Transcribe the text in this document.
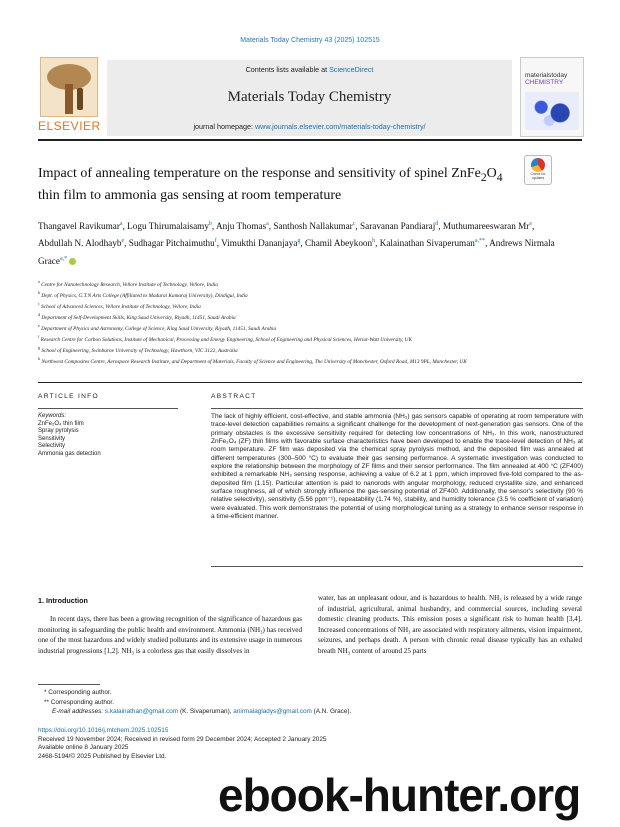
Materials Today Chemistry 43 (2025) 102515
ELSEVIER
Contents lists available at ScienceDirect
Materials Today Chemistry
journal homepage: www.journals.elsevier.com/materials-today-chemistry/
materialstoday
CHEMISTRY
Impact of annealing temperature on the response and sensitivity of spinel $ZnFe_2O_4$ thin film to ammonia gas sensing at room temperature
Check for
updates
Thangavel Ravikumar$^a$, Logu Thirumalaisamy$^b$, Anju Thomas$^a$, Santhosh Nallakumar$^c$, Saravanan Pandiaraj$^d$, Muthumareeswaran Mr$^e$, Abdullah N. Alodhayb$^e$, Sudhagar Pitchaimuthu$^f$, Vimukthi Dananjaya$^g$, Chamil Abeykoon$^h$, Kalainathan Sivaperuman$^{a,**}$, Andrews Nirmala Grace$^{a,*}$
$^a$ Centre for Nanotechnology Research, Vellore Institute of Technology, Vellore, India
$^b$ Dept. of Physics, G.T.N Arts College (Affiliated to Madurai Kamaraj University), Dindigul, India
$^c$ School of Advanced Sciences, Vellore Institute of Technology, Vellore, India
$^d$ Department of Self-Development Skills, King Saud University, Riyadh, 11451, Saudi Arabia
$^e$ Department of Physics and Astronomy, College of Science, King Saud University, Riyadh, 11451, Saudi Arabia
$^f$ Research Centre for Carbon Solutions, Institute of Mechanical, Processing and Energy Engineering, School of Engineering and Physical Sciences, Heriot-Watt University, UK
$^g$ School of Engineering, Swinburne University of Technology, Hawthorn, VIC 3122, Australia
$^h$ Northwest Composites Centre, Aerospace Research Institute, and Department of Materials, Faculty of Science and Engineering, The University of Manchester, Oxford Road, M13 9PL, Manchester, UK
ARTICLE INFO	ABSTRACT
Keywords:
ZnFe₂O₄ thin film
Spray pyrolysis
Sensitivity
Selectivity
Ammonia gas detection
The lack of highly efficient, cost-effective, and stable ammonia (NH₃) gas sensors capable of operating at room temperature with trace-level detection capabilities remains a significant challenge for the development of next-generation gas sensors. One of the primary obstacles is the excessive sensitivity required for detecting low concentrations of NH₃. In this work, nanostructured ZnFe₂O₄ (ZF) thin films with favorable surface characteristics have been developed to enable the trace-level detection of NH₃ at room temperature. ZF film was deposited via the chemical spray pyrolysis method, and the deposited film was annealed at different temperatures (300–500 °C) to evaluate their gas sensing performance. A systematic investigation was conducted to explore the relationship between the morphology of ZF films and their sensor performance. The film annealed at 400 °C (ZF400) exhibited a remarkable NH₃ sensing response, achieving a value of 6.2 at 1 ppm, which improved five-fold compared to the as-deposited film (1.15). Particular attention is paid to nanorods with angular morphology, reduced crystallite size, and enhanced surface roughness, all of which strongly influence the gas-sensing potential of ZF400. Additionally, the sensor's selectivity (90 % relative selectivity), sensitivity (5.56 ppm⁻¹), repeatability (1.74 %), stability, and humidity tolerance (3.5 % coefficient of variation) were evaluated. This work demonstrates the potential of using morphological tuning as a strategy to enhance sensor response in a time-efficient manner.
1. Introduction
In recent days, there has been a growing recognition of the significance of hazardous gas monitoring in safeguarding the public health and environment. Ammonia (NH₃) has received one of the most hazardous and widely studied pollutants and its extensive usage in numerous industrial progressions [1,2]. NH₃ is a colorless gas that easily dissolves in
water, has an unpleasant odour, and is hazardous to health. NH₃ is released by a wide range of industrial, agricultural, animal husbandry, and commercial sources, including several domestic cleaning products. This emission poses a significant risk to human health [3,4]. Increased concentrations of NH₃ are associated with respiratory ailments, vision impairment, seizures, and perhaps death. A person with chronic renal disease typically has an exhaled breath NH₃ content of around 25 parts
* Corresponding author.
** Corresponding author.
E-mail addresses: s.kalainathan@gmail.com (K. Sivaperuman), anirmalagladys@gmail.com (A.N. Grace).
https://doi.org/10.1016/j.mtchem.2025.102515
Received 19 November 2024; Received in revised form 29 December 2024; Accepted 2 January 2025
Available online 8 January 2025
2468-5194/© 2025 Published by Elsevier Ltd.
ebook-hunter.org
